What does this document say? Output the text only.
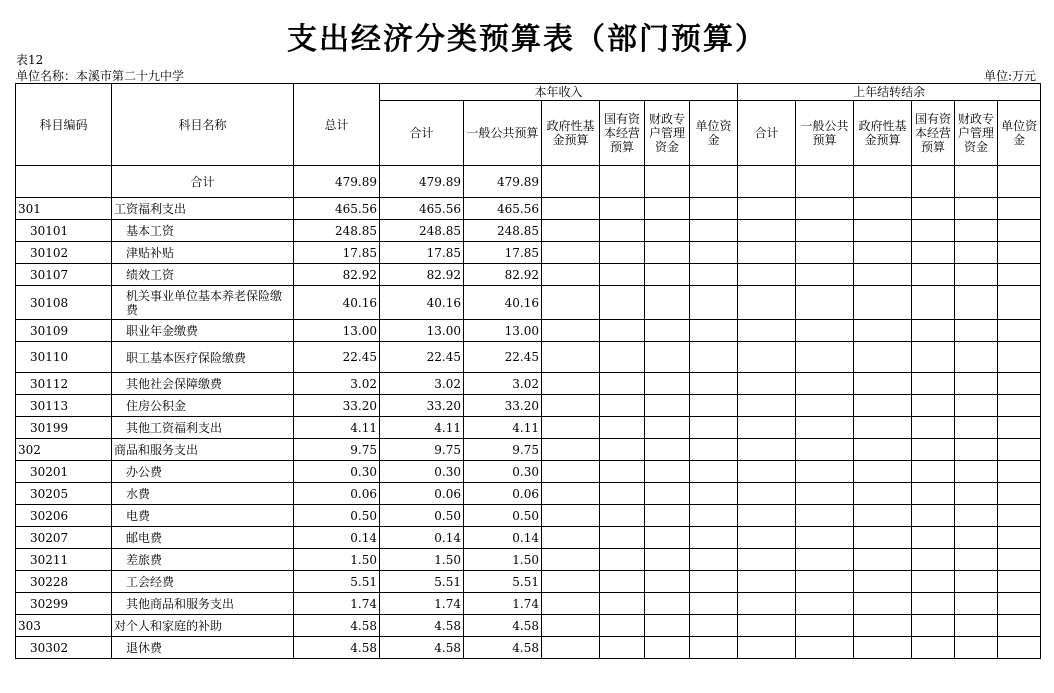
支出经济分类预算表（部门预算）
表12
单位名称：本溪市第二十九中学	单位:万元
科目编码	科目名称	总计	本年收入						上年结转结余					
			合计	一般公共预算	政府性基金预算	国有资本经营预算	财政专户管理资金	单位资金	合计	一般公共预算	政府性基金预算	国有资本经营预算	财政专户管理资金	单位资金
	合计	479.89	479.89	479.89										
301	工资福利支出	465.56	465.56	465.56										
30101	基本工资	248.85	248.85	248.85										
30102	津贴补贴	17.85	17.85	17.85										
30107	绩效工资	82.92	82.92	82.92										
30108	机关事业单位基本养老保险缴费	40.16	40.16	40.16										
30109	职业年金缴费	13.00	13.00	13.00										
30110	职工基本医疗保险缴费	22.45	22.45	22.45										
30112	其他社会保障缴费	3.02	3.02	3.02										
30113	住房公积金	33.20	33.20	33.20										
30199	其他工资福利支出	4.11	4.11	4.11										
302	商品和服务支出	9.75	9.75	9.75										
30201	办公费	0.30	0.30	0.30										
30205	水费	0.06	0.06	0.06										
30206	电费	0.50	0.50	0.50										
30207	邮电费	0.14	0.14	0.14										
30211	差旅费	1.50	1.50	1.50										
30228	工会经费	5.51	5.51	5.51										
30299	其他商品和服务支出	1.74	1.74	1.74										
303	对个人和家庭的补助	4.58	4.58	4.58										
30302	退休费	4.58	4.58	4.58										
